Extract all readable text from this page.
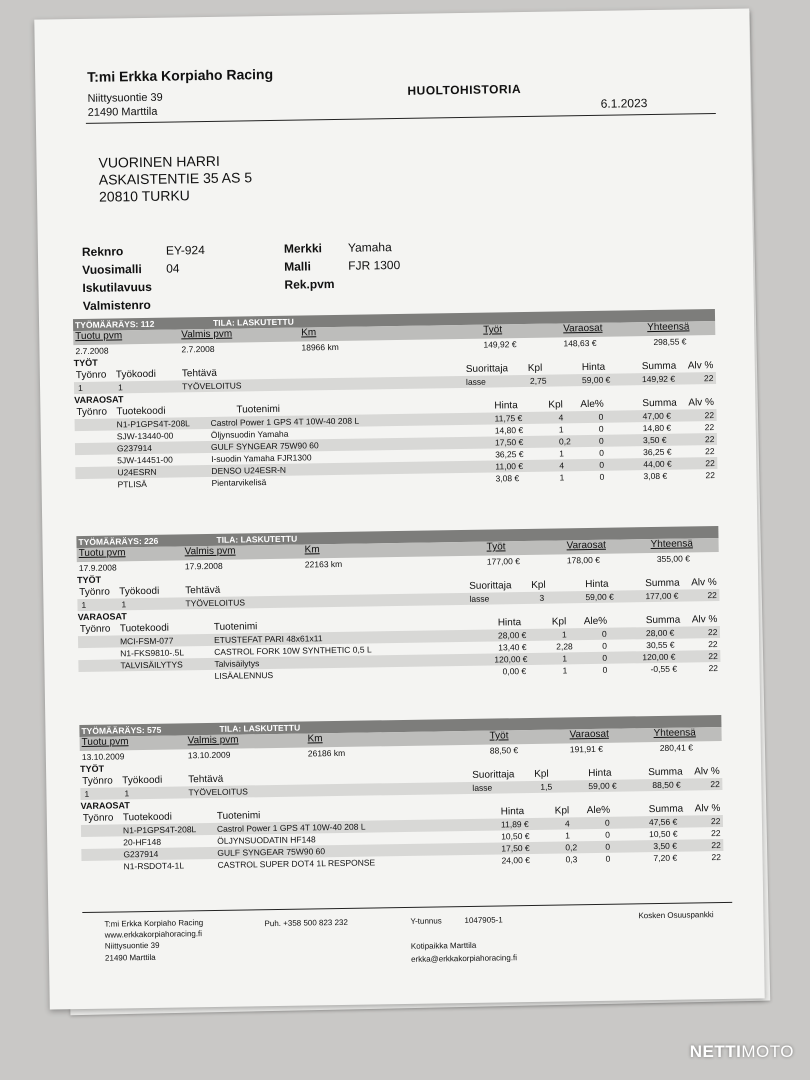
T:mi Erkka Korpiaho Racing
Niittysuontie 39
21490 Marttila
HUOLTOHISTORIA
6.1.2023
VUORINEN HARRI
ASKAISTENTIE 35 AS 5
20810 TURKU
Reknro	EY-924
Vuosimalli 04
Iskutilavuus
Valmistenro
Merkki Yamaha
Malli	FJR 1300
Rek.pvm
TYÖMÄÄRÄYS: 112	TILA: LASKUTETTU
Tuotu pvm	Valmis pvm	Km	Työt	Varaosat	Yhteensä
2.7.2008	2.7.2008	18966 km	149,92 €	148,63 €	298,55 €
TYÖT
Työnro Työkoodi	Tehtävä	Suorittaja Kpl	Hinta	Summa Alv %
1	1	TYÖVELOITUS	lasse	2,75	59,00 €	149,92 €	22
VARAOSAT
Työnro Tuotekoodi	Tuotenimi	Hinta	Kpl Ale%	Summa Alv %
N1-P1GPS4T-208L Castrol Power 1 GPS 4T 10W-40 208 L	11,75 €	4	0	47,00 €	22
SJW-13440-00	Öljynsuodin Yamaha	14,80 €	1	0	14,80 €	22
G237914	GULF SYNGEAR 75W90 60	17,50 €	0,2	0	3,50 €	22
5JW-14451-00	I-suodin Yamaha FJR1300	36,25 €	1	0	36,25 €	22
U24ESRN	DENSO U24ESR-N	11,00 €	4	0	44,00 €	22
PTLISÄ	Pientarvikelisä	3,08 €	1	0	3,08 €	22
TYÖMÄÄRÄYS: 226	TILA: LASKUTETTU
Tuotu pvm	Valmis pvm	Km	Työt	Varaosat	Yhteensä
17.9.2008	17.9.2008	22163 km	177,00 €	178,00 €	355,00 €
TYÖT
Työnro Työkoodi	Tehtävä	Suorittaja Kpl	Hinta	Summa Alv %
1	1	TYÖVELOITUS	lasse	3	59,00 €	177,00 €	22
VARAOSAT
Työnro Tuotekoodi	Tuotenimi	Hinta	Kpl Ale%	Summa Alv %
MCI-FSM-077	ETUSTEFAT PARI 48x61x11	28,00 €	1	0	28,00 €	22
N1-FKS9810-.5L	CASTROL FORK 10W SYNTHETIC 0,5 L	13,40 €	2,28	0	30,55 €	22
TALVISÄILYTYS	Talvisäilytys	120,00 €	1	0	120,00 €	22
LISÄALENNUS	0,00 €	1	0	-0,55 €	22
TYÖMÄÄRÄYS: 575	TILA: LASKUTETTU
Tuotu pvm	Valmis pvm	Km	Työt	Varaosat	Yhteensä
13.10.2009	13.10.2009	26186 km	88,50 €	191,91 €	280,41 €
TYÖT
Työnro Työkoodi	Tehtävä	Suorittaja Kpl	Hinta	Summa Alv %
1	1	TYÖVELOITUS	lasse	1,5	59,00 €	88,50 €	22
VARAOSAT
Työnro Tuotekoodi	Tuotenimi	Hinta	Kpl Ale%	Summa Alv %
N1-P1GPS4T-208L Castrol Power 1 GPS 4T 10W-40 208 L	11,89 €	4	0	47,56 €	22
20-HF148	ÖLJYNSUODATIN HF148	10,50 €	1	0	10,50 €	22
G237914	GULF SYNGEAR 75W90 60	17,50 €	0,2	0	3,50 €	22
N1-RSDOT4-1L	CASTROL SUPER DOT4 1L RESPONSE	24,00 €	0,3	0	7,20 €	22
T:mi Erkka Korpiaho Racing
www.erkkakorpiahoracing.fi
Niittysuontie 39
21490 Marttila
Puh. +358 500 823 232	Y-tunnus	1047905-1	Kosken Osuuspankki
Kotipaikka Marttila
erkka@erkkakorpiahoracing.fi
NETTIMOTO
